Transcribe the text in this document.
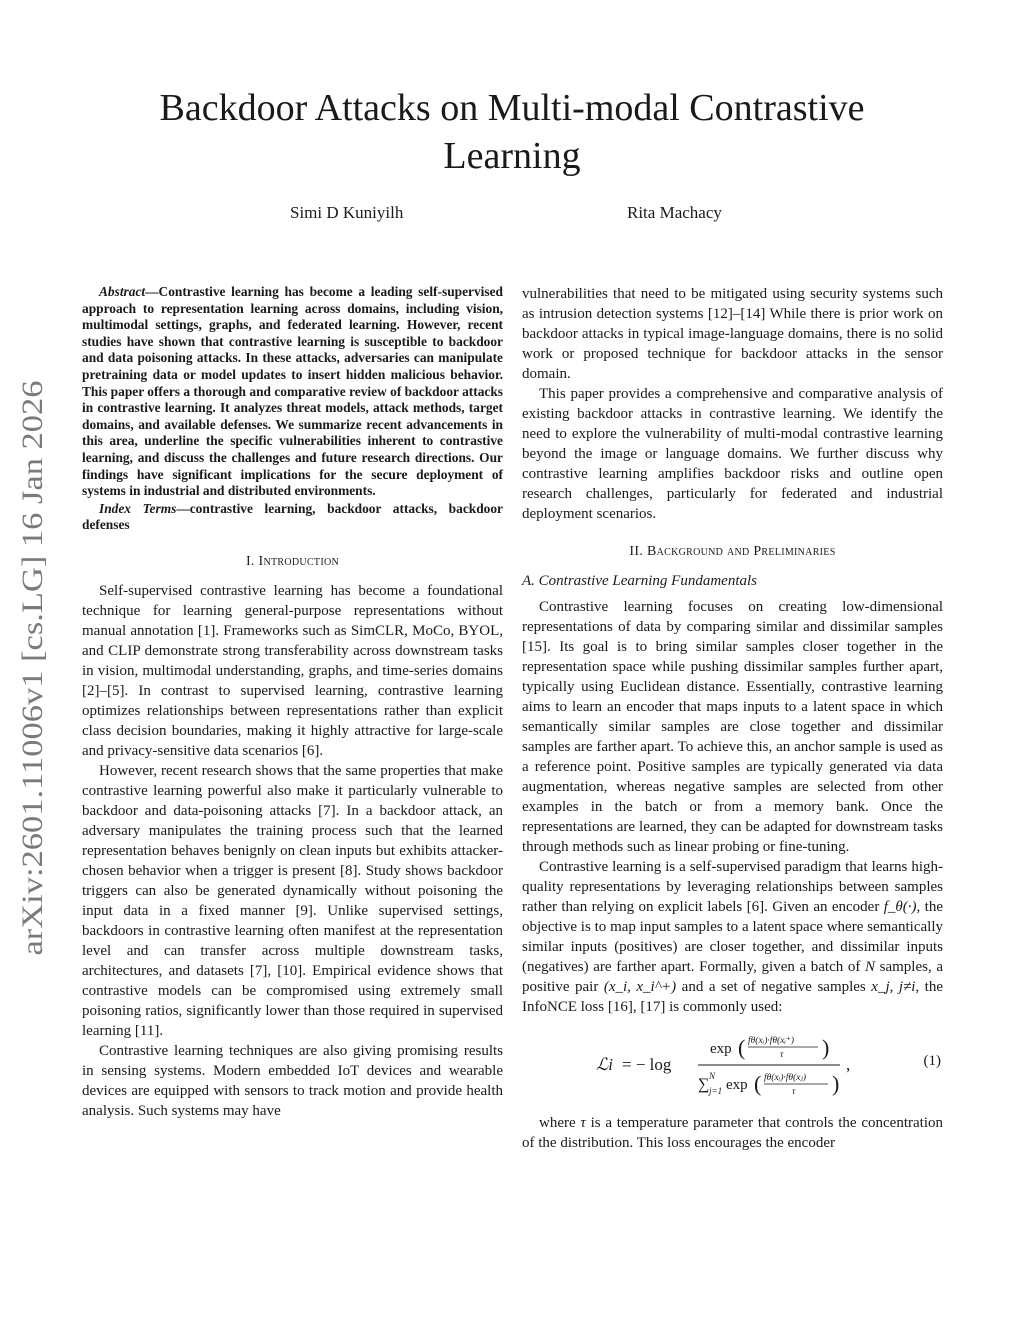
arXiv:2601.11006v1 [cs.LG] 16 Jan 2026
Backdoor Attacks on Multi-modal Contrastive
Learning
Simi D Kuniyilh	Rita Machacy

Abstract—Contrastive learning has become a leading self-supervised approach to representation learning across domains, including vision, multimodal settings, graphs, and federated learning. However, recent studies have shown that contrastive learning is susceptible to backdoor and data poisoning attacks. In these attacks, adversaries can manipulate pretraining data or model updates to insert hidden malicious behavior. This paper offers a thorough and comparative review of backdoor attacks in contrastive learning. It analyzes threat models, attack methods, target domains, and available defenses. We summarize recent advancements in this area, underline the specific vulnerabilities inherent to contrastive learning, and discuss the challenges and future research directions. Our findings have significant implications for the secure deployment of systems in industrial and distributed environments.

Index Terms—contrastive learning, backdoor attacks, backdoor defenses

I. Introduction

Self-supervised contrastive learning has become a foundational technique for learning general-purpose representations without manual annotation [1]. Frameworks such as SimCLR, MoCo, BYOL, and CLIP demonstrate strong transferability across downstream tasks in vision, multimodal understanding, graphs, and time-series domains [2]–[5]. In contrast to supervised learning, contrastive learning optimizes relationships between representations rather than explicit class decision boundaries, making it highly attractive for large-scale and privacy-sensitive data scenarios [6].

However, recent research shows that the same properties that make contrastive learning powerful also make it particularly vulnerable to backdoor and data-poisoning attacks [7]. In a backdoor attack, an adversary manipulates the training process such that the learned representation behaves benignly on clean inputs but exhibits attacker-chosen behavior when a trigger is present [8]. Study shows backdoor triggers can also be generated dynamically without poisoning the input data in a fixed manner [9]. Unlike supervised settings, backdoors in contrastive learning often manifest at the representation level and can transfer across multiple downstream tasks, architectures, and datasets [7], [10]. Empirical evidence shows that contrastive models can be compromised using extremely small poisoning ratios, significantly lower than those required in supervised learning [11].

Contrastive learning techniques are also giving promising results in sensing systems. Modern embedded IoT devices and wearable devices are equipped with sensors to track motion and provide health analysis. Such systems may have

vulnerabilities that need to be mitigated using security systems such as intrusion detection systems [12]–[14] While there is prior work on backdoor attacks in typical image-language domains, there is no solid work or proposed technique for backdoor attacks in the sensor domain.

This paper provides a comprehensive and comparative analysis of existing backdoor attacks in contrastive learning. We identify the need to explore the vulnerability of multi-modal contrastive learning beyond the image or language domains. We further discuss why contrastive learning amplifies backdoor risks and outline open research challenges, particularly for federated and industrial deployment scenarios.

II. Background and Preliminaries
A. Contrastive Learning Fundamentals

Contrastive learning focuses on creating low-dimensional representations of data by comparing similar and dissimilar samples [15]. Its goal is to bring similar samples closer together in the representation space while pushing dissimilar samples further apart, typically using Euclidean distance. Essentially, contrastive learning aims to learn an encoder that maps inputs to a latent space in which semantically similar samples are close together and dissimilar samples are farther apart. To achieve this, an anchor sample is used as a reference point. Positive samples are typically generated via data augmentation, whereas negative samples are selected from other examples in the batch or from a memory bank. Once the representations are learned, they can be adapted for downstream tasks through methods such as linear probing or fine-tuning.

Contrastive learning is a self-supervised paradigm that learns high-quality representations by leveraging relationships between samples rather than relying on explicit labels [6]. Given an encoder f_θ(·), the objective is to map input samples to a latent space where semantically similar inputs (positives) are closer together, and dissimilar inputs (negatives) are farther apart. Formally, given a batch of N samples, a positive pair (x_i, x_i^+) and a set of negative samples x_j, j≠i, the InfoNCE loss [16], [17] is commonly used:

ℒi = − log
exp ( fθ(xᵢ)·fθ(xᵢ⁺)
τ )
∑ N
j=1 exp ( fθ(xᵢ)·fθ(xⱼ)
τ )
,	(1)

where τ is a temperature parameter that controls the concentration of the distribution. This loss encourages the encoder
